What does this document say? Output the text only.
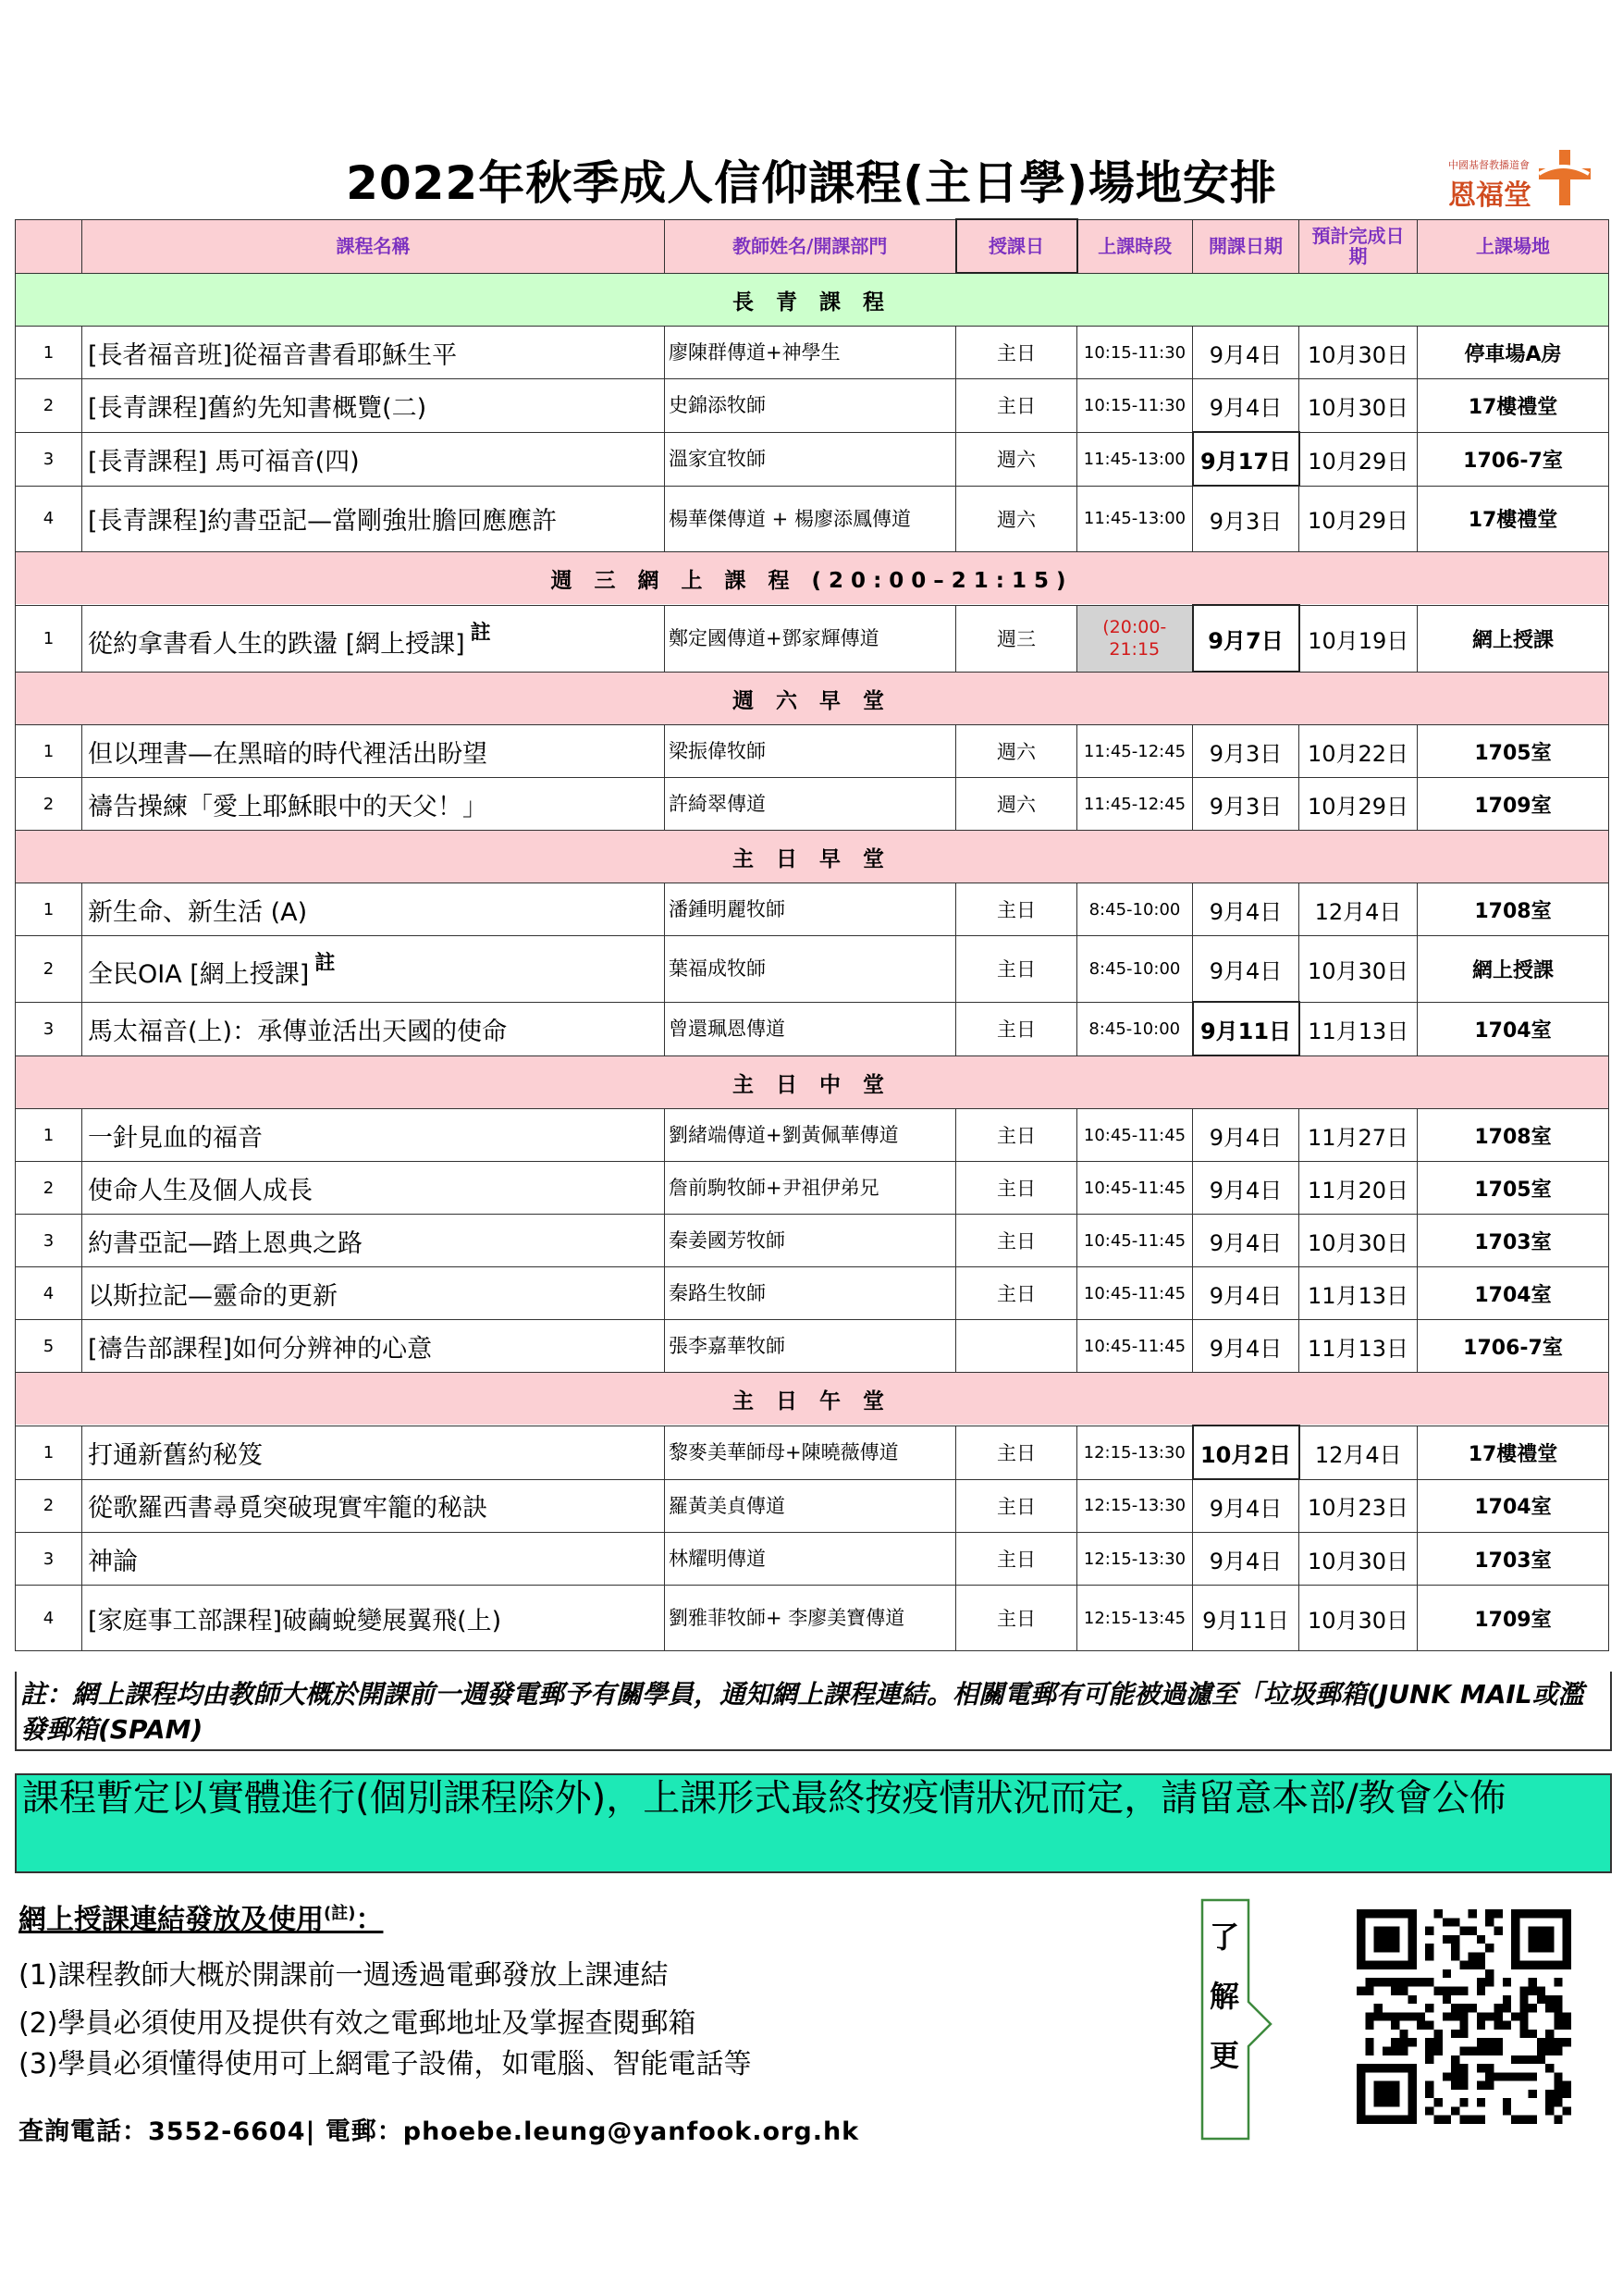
2022年秋季成人信仰課程(主日學)場地安排	中國基督教播道會
恩福堂
	課程名稱	教師姓名/開課部門	授課日	上課時段	開課日期	預計完成日期	上課場地
長 青 課 程							
1	[長者福音班]從福音書看耶穌生平	廖陳群傳道+神學生	主日	10:15-11:30	9月4日	10月30日	停車場A房
2	[長青課程]舊約先知書概覽(二)	史錦添牧師	主日	10:15-11:30	9月4日	10月30日	17樓禮堂
3	[長青課程] 馬可福音(四)	溫家宜牧師	週六	11:45-13:00	9月17日	10月29日	1706-7室
4	[長青課程]約書亞記—當剛強壯膽回應應許	楊華傑傳道 + 楊廖添鳳傳道	週六	11:45-13:00	9月3日	10月29日	17樓禮堂
週 三 網 上 課 程 (20:00–21:15)							
1	從約拿書看人生的跌盪 [網上授課] $^註$	鄭定國傳道+鄧家輝傳道	週三	(20:00-21:15	9月7日	10月19日	網上授課
週 六 早 堂							
1	但以理書—在黑暗的時代裡活出盼望	梁振偉牧師	週六	11:45-12:45	9月3日	10月22日	1705室
2	禱告操練「愛上耶穌眼中的天父！」	許綺翠傳道	週六	11:45-12:45	9月3日	10月29日	1709室
主 日 早 堂							
1	新生命、新生活 (A)	潘鍾明麗牧師	主日	8:45-10:00	9月4日	12月4日	1708室
2	全民OIA [網上授課] $^註$	葉福成牧師	主日	8:45-10:00	9月4日	10月30日	網上授課
3	馬太福音(上)：承傳並活出天國的使命	曾還珮恩傳道	主日	8:45-10:00	9月11日	11月13日	1704室
主 日 中 堂							
1	一針見血的福音	劉緒端傳道+劉黃佩華傳道	主日	10:45-11:45	9月4日	11月27日	1708室
2	使命人生及個人成長	詹前駒牧師+尹祖伊弟兄	主日	10:45-11:45	9月4日	11月20日	1705室
3	約書亞記—踏上恩典之路	秦姜國芳牧師	主日	10:45-11:45	9月4日	10月30日	1703室
4	以斯拉記—靈命的更新	秦路生牧師	主日	10:45-11:45	9月4日	11月13日	1704室
5	[禱告部課程]如何分辨神的心意	張李嘉華牧師		10:45-11:45	9月4日	11月13日	1706-7室
主 日 午 堂							
1	打通新舊約秘笈	黎麥美華師母+陳曉薇傳道	主日	12:15-13:30	10月2日	12月4日	17樓禮堂
2	從歌羅西書尋覓突破現實牢籠的秘訣	羅黃美貞傳道	主日	12:15-13:30	9月4日	10月23日	1704室
3	神論	林耀明傳道	主日	12:15-13:30	9月4日	10月30日	1703室
4	[家庭事工部課程]破繭蛻變展翼飛(上)	劉雅菲牧師+ 李廖美寶傳道	主日	12:15-13:45	9月11日	10月30日	1709室
註：網上課程均由教師大概於開課前一週發電郵予有關學員，通知網上課程連結。相關電郵有可能被過濾至「垃圾郵箱(JUNK MAIL或濫發郵箱(SPAM)
課程暫定以實體進行(個別課程除外)，上課形式最終按疫情狀況而定，請留意本部/教會公佈
網上授課連結發放及使用$^{(註)}$：
(1)課程教師大概於開課前一週透過電郵發放上課連結
(2)學員必須使用及提供有效之電郵地址及掌握查閱郵箱
(3)學員必須懂得使用可上網電子設備，如電腦、智能電話等
查詢電話：3552-6604| 電郵：phoebe.leung@yanfook.org.hk
了
解
更
